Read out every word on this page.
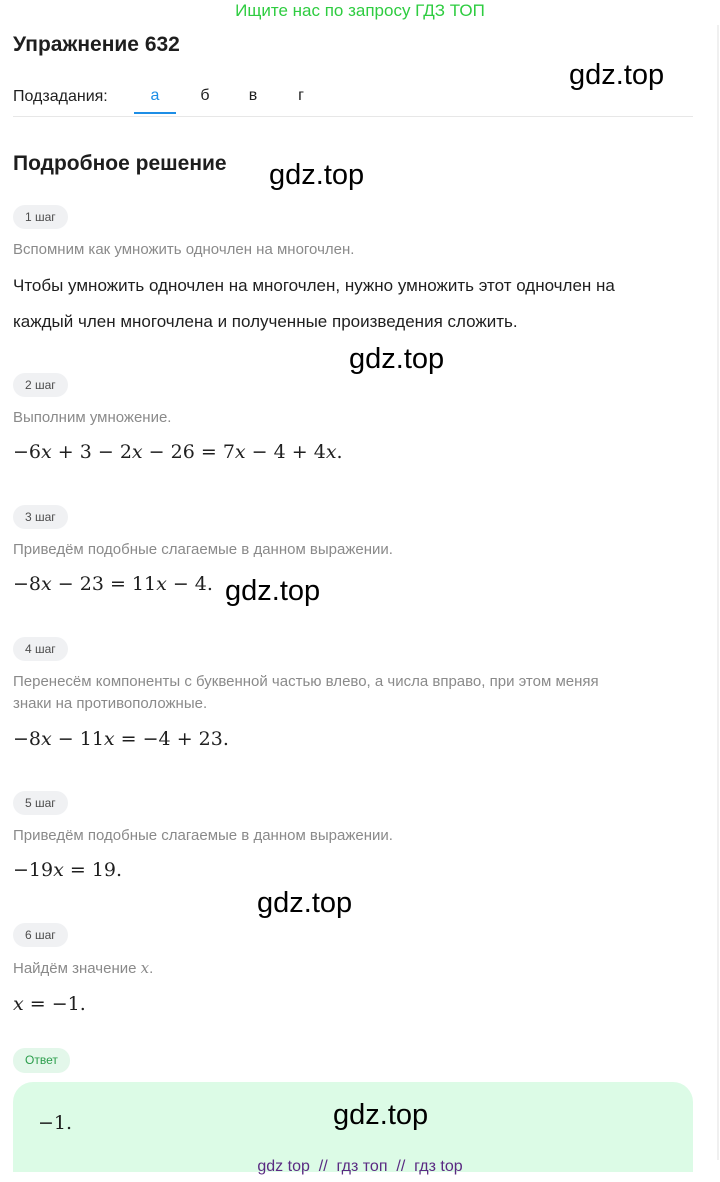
Ищите нас по запросу ГДЗ ТОП
Упражнение 632
Подзадания:	а	б	в	г
Подробное решение
1 шаг
Вспомним как умножить одночлен на многочлен.
Чтобы умножить одночлен на многочлен, нужно умножить этот одночлен на
каждый член многочлена и полученные произведения сложить.
2 шаг
Выполним умножение.
−6x + 3 − 2x − 26 = 7x − 4 + 4x.
3 шаг
Приведём подобные слагаемые в данном выражении.
−8x − 23 = 11x − 4.
4 шаг
Перенесём компоненты с буквенной частью влево, а числа вправо, при этом меняя
знаки на противоположные.
−8x − 11x = −4 + 23.
5 шаг
Приведём подобные слагаемые в данном выражении.
−19x = 19.
6 шаг
Найдём значение x.
x = −1.
Ответ
−1.
gdz.top
gdz.top
gdz.top
gdz.top
gdz.top
gdz.top
gdz top  //  гдз топ  //  гдз top
